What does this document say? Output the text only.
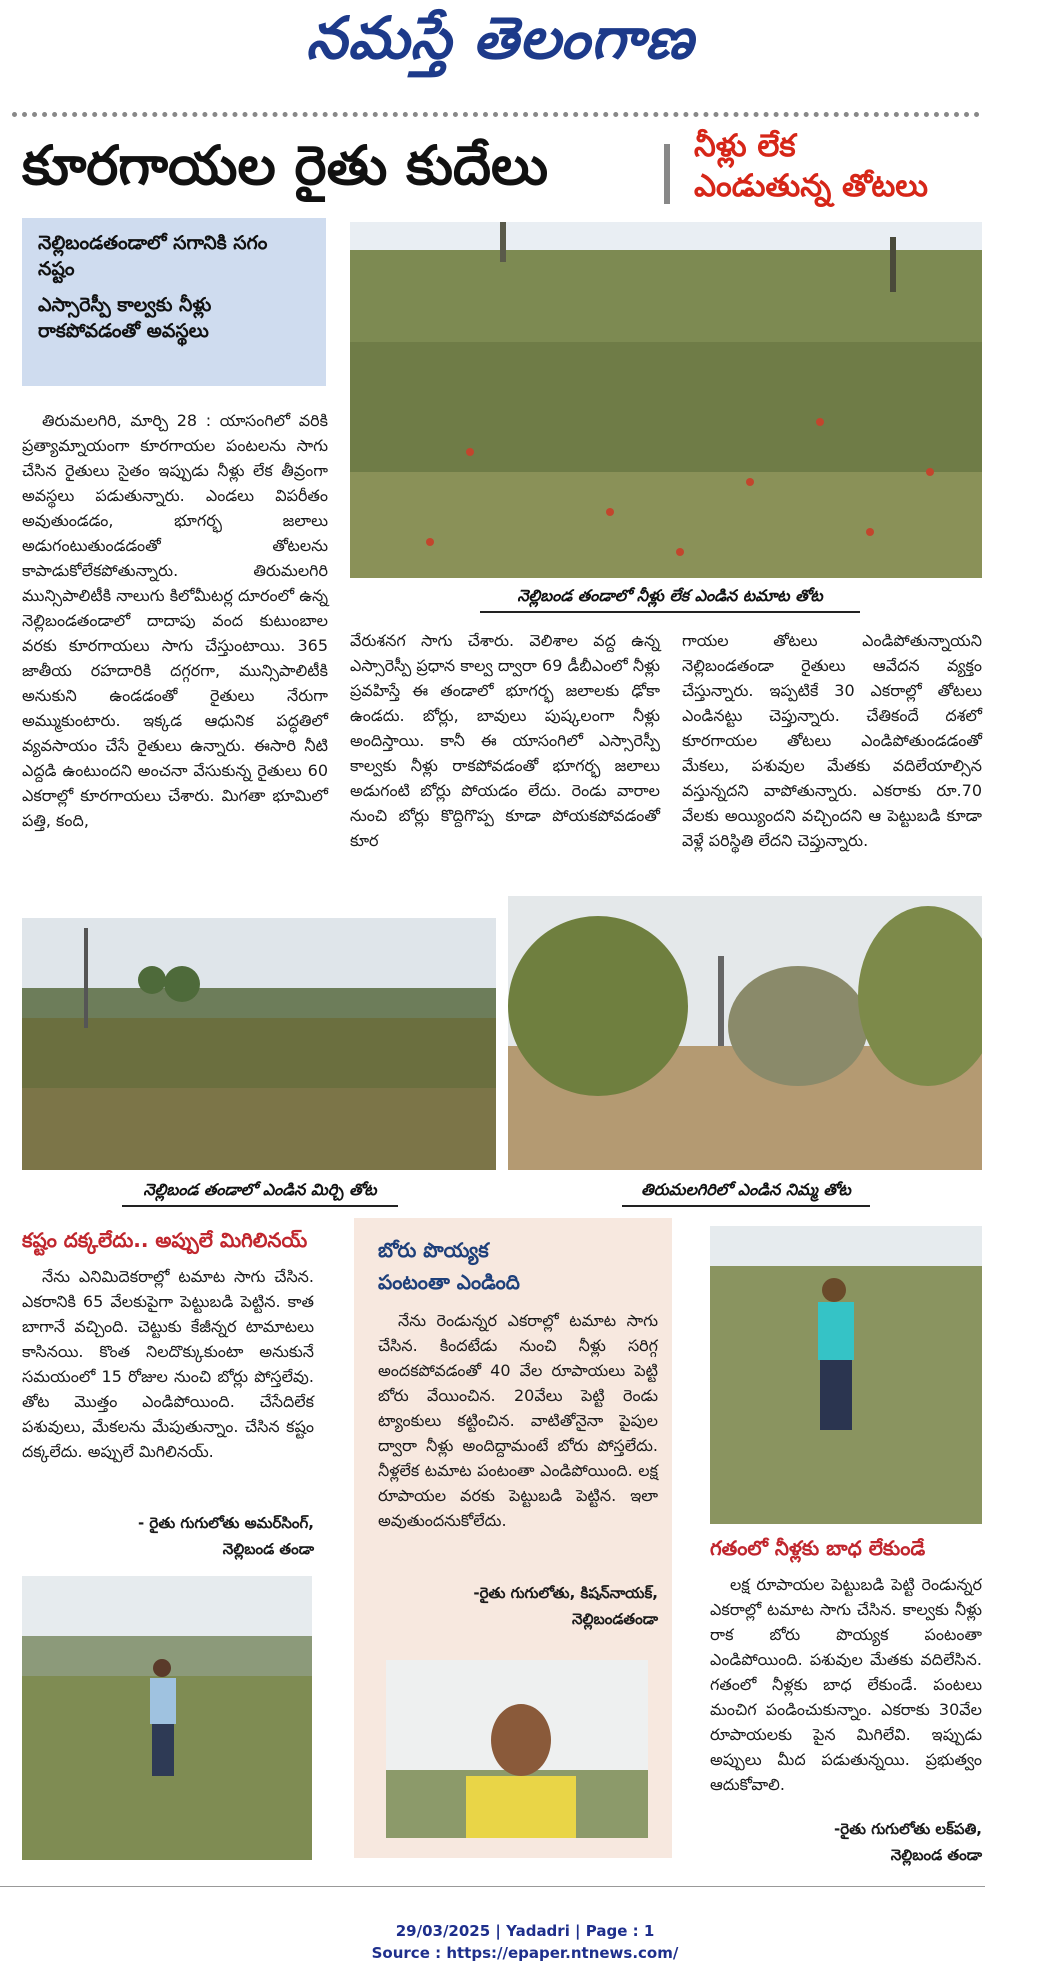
నమస్తే తెలంగాణ
కూరగాయల రైతు కుదేలు	నీళ్లు లేక
ఎండుతున్న తోటలు

నెల్లిబండతండాలో సగానికి సగం నష్టం

ఎస్సారెస్పీ కాల్వకు నీళ్లు రాకపోవడంతో అవస్థలు

నెల్లిబండ తండాలో నీళ్లు లేక ఎండిన టమాట తోట

తిరుమలగిరి, మార్చి 28 : యాసంగిలో వరికి ప్రత్యామ్నాయంగా కూరగాయల పంటలను సాగు చేసిన రైతులు సైతం ఇప్పుడు నీళ్లు లేక తీవ్రంగా అవస్థలు పడుతున్నారు. ఎండలు విపరీతం అవుతుండడం, భూగర్భ జలాలు అడుగంటుతుండడంతో తోటలను కాపాడుకోలేకపోతున్నారు. తిరుమలగిరి మున్సిపాలిటీకి నాలుగు కిలోమీటర్ల దూరంలో ఉన్న నెల్లిబండతండాలో దాదాపు వంద కుటుంబాల వరకు కూరగాయలు సాగు చేస్తుంటాయి. 365 జాతీయ రహదారికి దగ్గరగా, మున్సిపాలిటీకి అనుకుని ఉండడంతో రైతులు నేరుగా అమ్ముకుంటారు. ఇక్కడ ఆధునిక పద్ధతిలో వ్యవసాయం చేసే రైతులు ఉన్నారు. ఈసారి నీటి ఎద్దడి ఉంటుందని అంచనా వేసుకున్న రైతులు 60 ఎకరాల్లో కూరగాయలు చేశారు. మిగతా భూమిలో పత్తి, కంది,

వేరుశనగ సాగు చేశారు. వెలిశాల వద్ద ఉన్న ఎస్సారెస్పీ ప్రధాన కాల్వ ద్వారా 69 డీబీఎంలో నీళ్లు ప్రవహిస్తే ఈ తండాలో భూగర్భ జలాలకు ఢోకా ఉండదు. బోర్లు, బావులు పుష్కలంగా నీళ్లు అందిస్తాయి. కానీ ఈ యాసంగిలో ఎస్సారెస్పీ కాల్వకు నీళ్లు రాకపోవడంతో భూగర్భ జలాలు అడుగంటి బోర్లు పోయడం లేదు. రెండు వారాల నుంచి బోర్లు కొద్దిగొప్ప కూడా పోయకపోవడంతో కూర

గాయల తోటలు ఎండిపోతున్నాయని నెల్లిబండతండా రైతులు ఆవేదన వ్యక్తం చేస్తున్నారు. ఇప్పటికే 30 ఎకరాల్లో తోటలు ఎండినట్టు చెప్తున్నారు. చేతికందే దశలో కూరగాయల తోటలు ఎండిపోతుండడంతో మేకలు, పశువుల మేతకు వదిలేయాల్సిన వస్తున్నదని వాపోతున్నారు. ఎకరాకు రూ.70 వేలకు అయ్యిందని వచ్చిందని ఆ పెట్టుబడి కూడా వెళ్లే పరిస్థితి లేదని చెప్తున్నారు.

నెల్లిబండ తండాలో ఎండిన మిర్చి తోట	తిరుమలగిరిలో ఎండిన నిమ్మ తోట
కష్టం దక్కలేదు.. అప్పులే మిగిలినయ్

నేను ఎనిమిదెకరాల్లో టమాట సాగు చేసిన. ఎకరానికి 65 వేలకుపైగా పెట్టుబడి పెట్టిన. కాత బాగానే వచ్చింది. చెట్టుకు కేజీన్నర టామాటలు కాసినయి. కొంత నిలదొక్కుకుంటా అనుకునే సమయంలో 15 రోజుల నుంచి బోర్లు పోస్తలేవు. తోట మొత్తం ఎండిపోయింది. చేసేదిలేక పశువులు, మేకలను మేపుతున్నాం. చేసిన కష్టం దక్కలేదు. అప్పులే మిగిలినయ్.

- రైతు గుగులోతు అమర్‌సింగ్,
నెల్లిబండ తండా
బోరు పొయ్యక
పంటంతా ఎండింది

నేను రెండున్నర ఎకరాల్లో టమాట సాగు చేసిన. కిందటేడు నుంచి నీళ్లు సరిగ్గ అందకపోవడంతో 40 వేల రూపాయలు పెట్టి బోరు వేయించిన. 20వేలు పెట్టి రెండు ట్యాంకులు కట్టించిన. వాటితోనైనా పైపుల ద్వారా నీళ్లు అందిద్దామంటే బోరు పోస్తలేదు. నీళ్లలేక టమాట పంటంతా ఎండిపోయింది. లక్ష రూపాయల వరకు పెట్టుబడి పెట్టిన. ఇలా అవుతుందనుకోలేదు.

-రైతు గుగులోతు, కిషన్‌నాయక్,
నెల్లిబండతండా
గతంలో నీళ్లకు బాధ లేకుండే

లక్ష రూపాయల పెట్టుబడి పెట్టి రెండున్నర ఎకరాల్లో టమాట సాగు చేసిన. కాల్వకు నీళ్లు రాక బోరు పొయ్యక పంటంతా ఎండిపోయింది. పశువుల మేతకు వదిలేసిన. గతంలో నీళ్లకు బాధ లేకుండే. పంటలు మంచిగ పండించుకున్నాం. ఎకరాకు 30వేల రూపాయలకు పైన మిగిలేవి. ఇప్పుడు అప్పులు మీద పడుతున్నయి. ప్రభుత్వం ఆదుకోవాలి.

-రైతు గుగులోతు లక్‌పతి,
నెల్లిబండ తండా
29/03/2025 | Yadadri | Page : 1
Source : https://epaper.ntnews.com/
